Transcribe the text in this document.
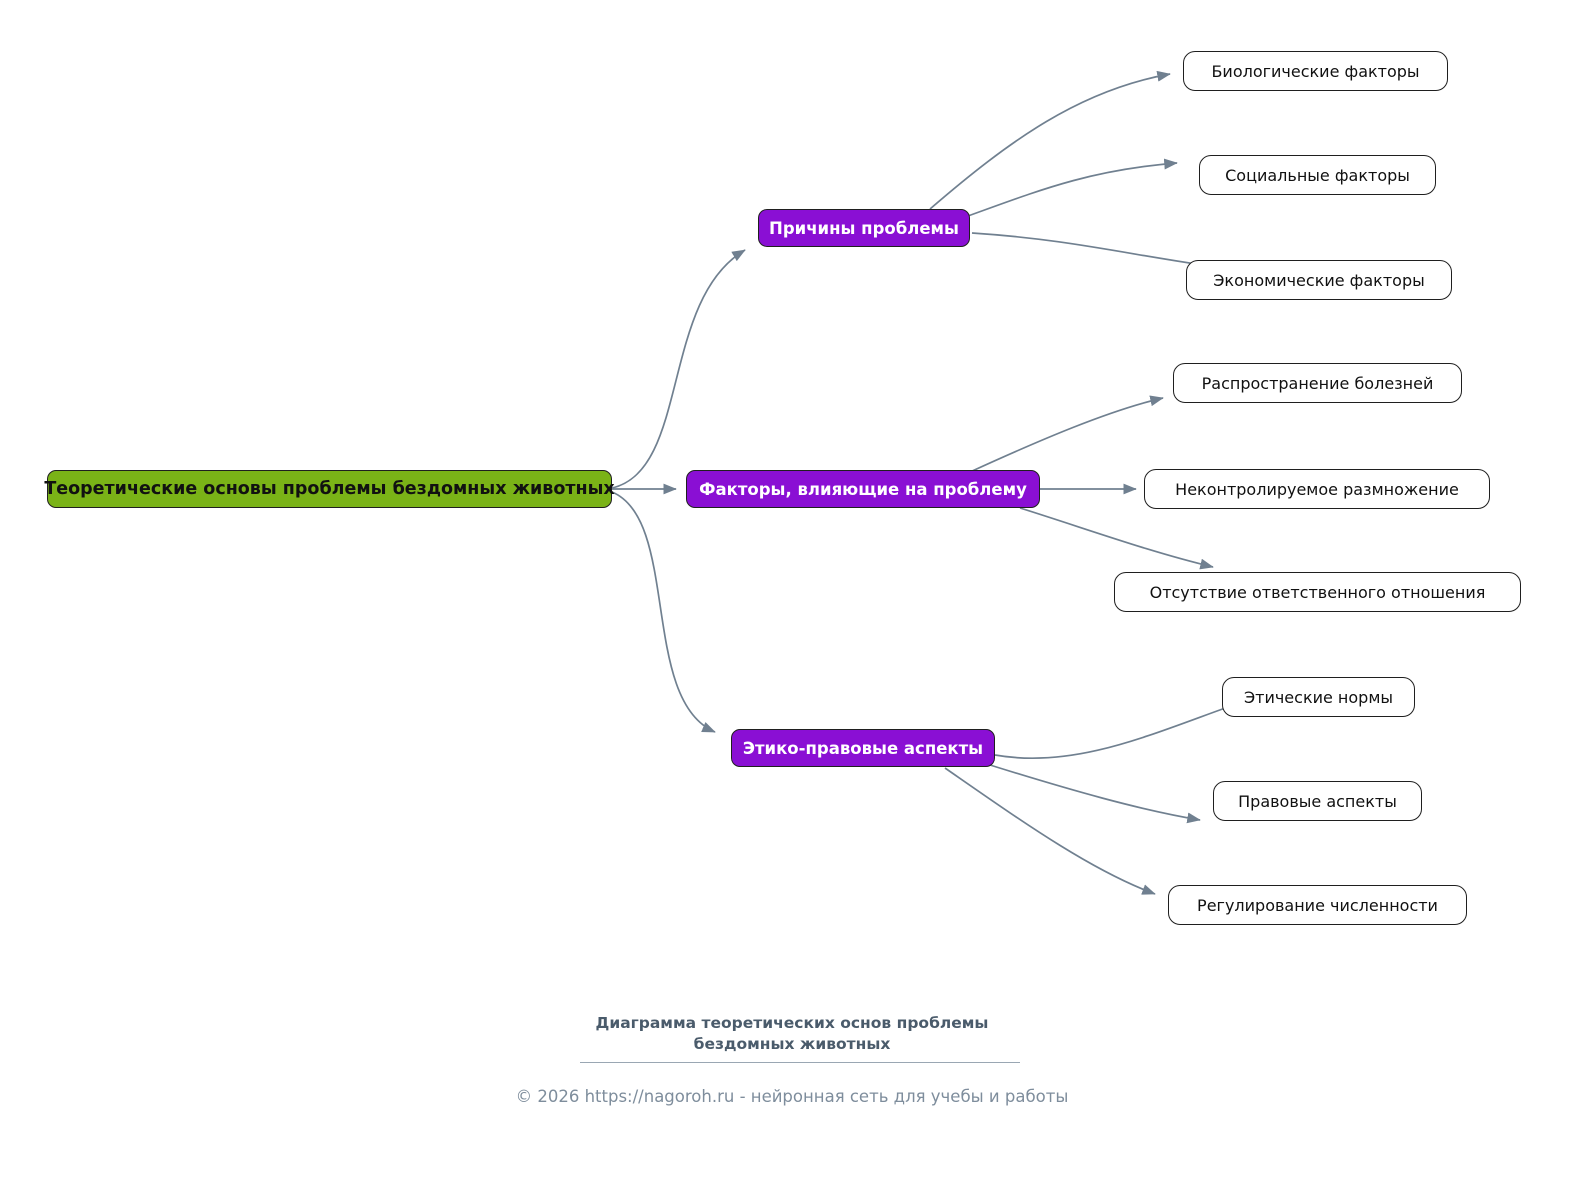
Теоретические основы проблемы бездомных животных
Причины проблемы
Биологические факторы
Социальные факторы
Экономические факторы
Факторы, влияющие на проблему
Распространение болезней
Неконтролируемое размножение
Отсутствие ответственного отношения
Этико-правовые аспекты
Этические нормы
Правовые аспекты
Регулирование численности
Диаграмма теоретических основ проблемы
бездомных животных
© 2026 https://nagoroh.ru - нейронная сеть для учебы и работы
